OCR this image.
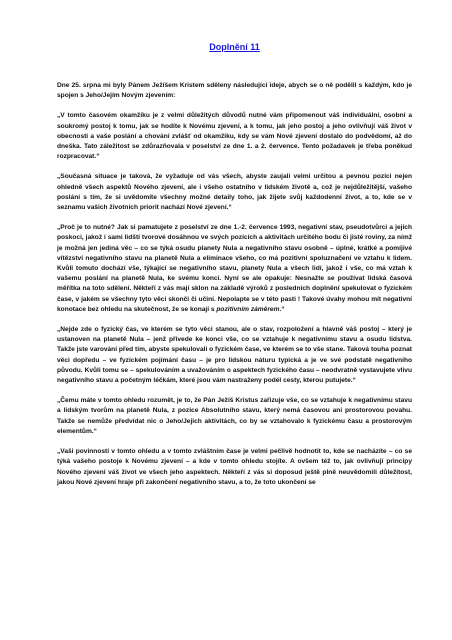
Doplnění 11

Dne 25. srpna mi byly Pánem Ježíšem Kristem sděleny následující ideje, abych se o ně podělil s každým, kdo je spojen s Jeho/Jejím Novým zjevením:

„V tomto časovém okamžiku je z velmi důležitých důvodů nutné vám připomenout váš individuální, osobní a soukromý postoj k tomu, jak se hodíte k Novému zjevení, a k tomu, jak jeho postoj a jeho ovlivňují váš život v obecnosti a vaše poslání a chování zvlášť od okamžiku, kdy se vám Nové zjevení dostalo do podvědomí, až do dneška. Tato záležitost se zdůrazňovala v poselství ze dne 1. a 2. července. Tento požadavek je třeba poněkud rozpracovat.“

„Současná situace je taková, že vyžaduje od vás všech, abyste zaujali velmi určitou a pevnou pozici nejen ohledně všech aspektů Nového zjevení, ale i všeho ostatního v lidském životě a, což je nejdůležitější, vašeho poslání s tím, že si uvědomíte všechny možné detaily toho, jak žijete svůj každodenní život, a to, kde se v seznamu vašich životních priorit nachází Nové zjevení.“

„Proč je to nutné? Jak si pamatujete z poselství ze dne 1.-2. července 1993, negativní stav, pseudotvůrci a jejich poskoci, jakož i sami lidští tvorové dosáhnou ve svých pozicích a aktivitách určitého bodu či jisté roviny, za nímž je možná jen jediná věc – co se týká osudu planety Nula a negativního stavu osobně – úplné, krátké a pomíjivé vítězství negativního stavu na planetě Nula a eliminace všeho, co má pozitivní spoluznačení ve vztahu k lidem. Kvůli tomuto dochází vše, týkající se negativního stavu, planety Nula a všech lidí, jakož i vše, co má vztah k vašemu poslání na planetě Nula, ke svému konci. Nyní se ale opakuje: Nesnažte se používat lidská časová měřítka na toto sdělení. Někteří z vás mají sklon na základě výroků z posledních doplnění spekulovat o fyzickém čase, v jakém se všechny tyto věci skonči či učiní. Nepolapte se v této pasti ! Takové úvahy mohou mít negativní konotace bez ohledu na skutečnost, že se konají s pozitivním záměrem.“

„Nejde zde o fyzický čas, ve kterém se tyto věci stanou, ale o stav, rozpoložení a hlavně váš postoj – který je ustanoven na planetě Nula – jenž přivede ke konci vše, co se vztahuje k negativnímu stavu a osudu lidstva. Takže jste varování před tím, abyste spekulovali o fyzickém čase, ve kterém se to vše stane. Taková touha poznat věci dopředu – ve fyzickém pojímání času – je pro lidskou náturu typická a je ve své podstatě negativního původu. Kvůli tomu se – spekulováním a uvažováním o aspektech fyzického času – neodvratně vystavujete vlivu negativního stavu a početným léčkám, které jsou vám nastraženy podél cesty, kterou putujete.“

„Čemu máte v tomto ohledu rozumět, je to, že Pán Ježíš Kristus zařizuje vše, co se vztahuje k negativnímu stavu a lidským tvorům na planetě Nula, z pozice Absolutního stavu, který nemá časovou ani prostorovou povahu. Takže se nemůže předvídat nic o Jeho/Jejich aktivitách, co by se vztahovalo k fyzickému času a prostorovým elementům.“

„Vaši povinností v tomto ohledu a v tomto zvláštním čase je velmi pečlivě hodnotit to, kde se nacházíte – co se týká vašeho postoje k Novému zjevení – a kde v tomto ohledu stojíte. A ovšem též to, jak ovlivňují principy Nového zjevení váš život ve všech jeho aspektech. Někteří z vás si doposud ještě plně neuvědomili důležitost, jakou Nové zjevení hraje při zakončení negativního stavu, a to, že toto ukončení se
